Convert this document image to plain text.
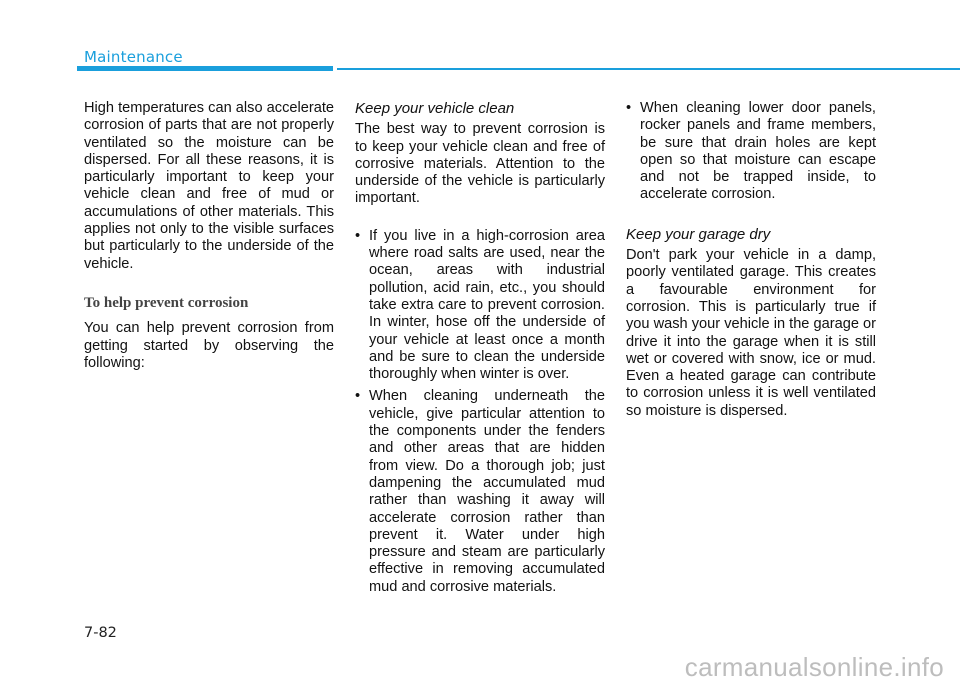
Maintenance

High temperatures can also accelerate corrosion of parts that are not properly ventilated so the moisture can be dispersed. For all these reasons, it is particularly important to keep your vehicle clean and free of mud or accumulations of other materials. This applies not only to the visible surfaces but particularly to the underside of the vehicle.

To help prevent corrosion

You can help prevent corrosion from getting started by observing the following:

Keep your vehicle clean

The best way to prevent corrosion is to keep your vehicle clean and free of corrosive materials. Attention to the underside of the vehicle is particularly important.

• If you live in a high-corrosion area where road salts are used, near the ocean, areas with industrial pollution, acid rain, etc., you should take extra care to prevent corrosion. In winter, hose off the underside of your vehicle at least once a month and be sure to clean the underside thoroughly when winter is over.
• When cleaning underneath the vehicle, give particular attention to the components under the fenders and other areas that are hidden from view. Do a thorough job; just dampening the accumulated mud rather than washing it away will accelerate corrosion rather than prevent it. Water under high pressure and steam are particularly effective in removing accumulated mud and corrosive materials.
• When cleaning lower door panels, rocker panels and frame members, be sure that drain holes are kept open so that moisture can escape and not be trapped inside, to accelerate corrosion.
Keep your garage dry

Don't park your vehicle in a damp, poorly ventilated garage. This creates a favourable environment for corrosion. This is particularly true if you wash your vehicle in the garage or drive it into the garage when it is still wet or covered with snow, ice or mud. Even a heated garage can contribute to corrosion unless it is well ventilated so moisture is dispersed.

7-82
carmanualsonline.info
